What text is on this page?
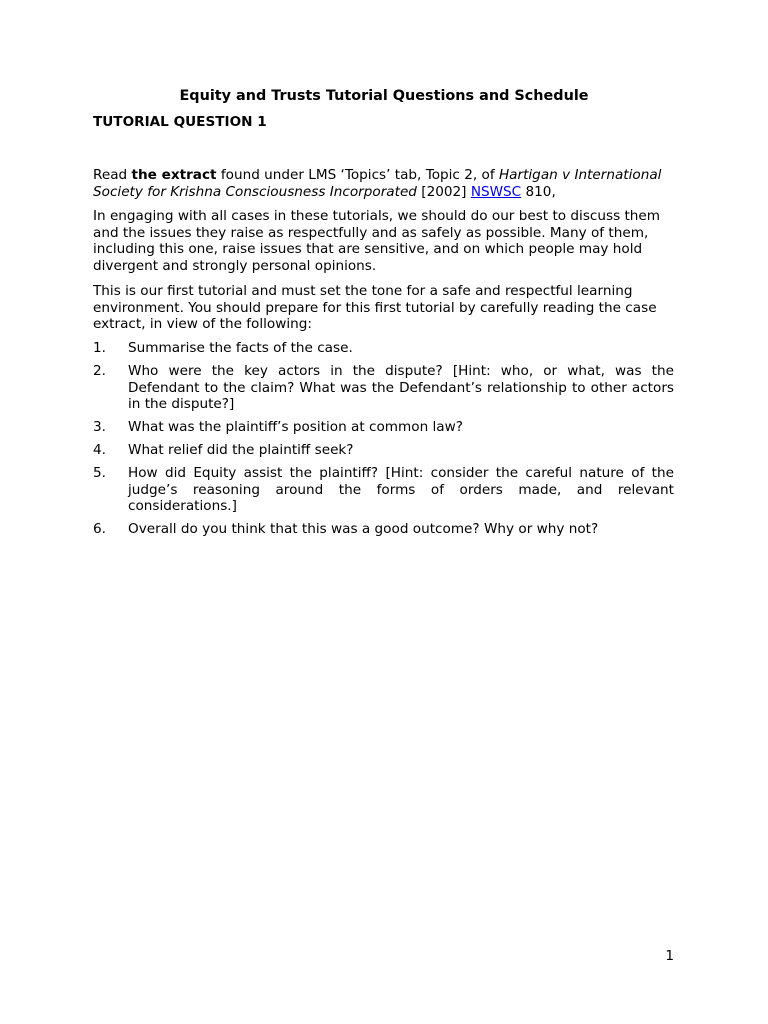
Equity and Trusts Tutorial Questions and Schedule
TUTORIAL QUESTION 1

Read the extract found under LMS ‘Topics’ tab, Topic 2, of Hartigan v International Society for Krishna Consciousness Incorporated [2002] NSWSC 810,

In engaging with all cases in these tutorials, we should do our best to discuss them and the issues they raise as respectfully and as safely as possible. Many of them, including this one, raise issues that are sensitive, and on which people may hold divergent and strongly personal opinions.

This is our first tutorial and must set the tone for a safe and respectful learning environment. You should prepare for this first tutorial by carefully reading the case extract, in view of the following:

1.	Summarise the facts of the case.
2.	Who were the key actors in the dispute? [Hint: who, or what, was the Defendant to the claim? What was the Defendant’s relationship to other actors in the dispute?]
3.	What was the plaintiff’s position at common law?
4.	What relief did the plaintiff seek?
5.	How did Equity assist the plaintiff? [Hint: consider the careful nature of the judge’s reasoning around the forms of orders made, and relevant considerations.]
6.	Overall do you think that this was a good outcome? Why or why not?
1
